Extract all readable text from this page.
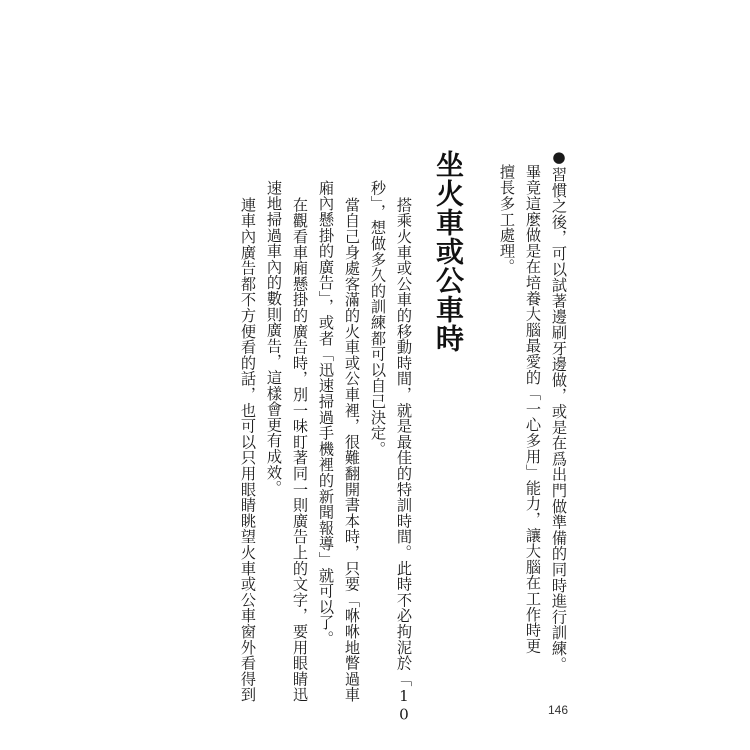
●習慣之後，可以試著邊刷牙邊做，或是在爲出門做準備的同時進行訓練。

畢竟這麼做是在培養大腦最愛的「一心多用」能力，讓大腦在工作時更

擅長多工處理。

坐火車或公車時

搭乘火車或公車的移動時間，就是最佳的特訓時間。此時不必拘泥於「10

秒」，想做多久的訓練都可以自己決定。

當自己身處客滿的火車或公車裡，很難翻開書本時，只要「咻咻地瞥過車

廂內懸掛的廣告」，或者「迅速掃過手機裡的新聞報導」就可以了。

在觀看車廂懸掛的廣告時，別一味盯著同一則廣告上的文字，要用眼睛迅

速地掃過車內的數則廣告，這樣會更有成效。

連車內廣告都不方便看的話，也可以只用眼睛眺望火車或公車窗外看得到

146
